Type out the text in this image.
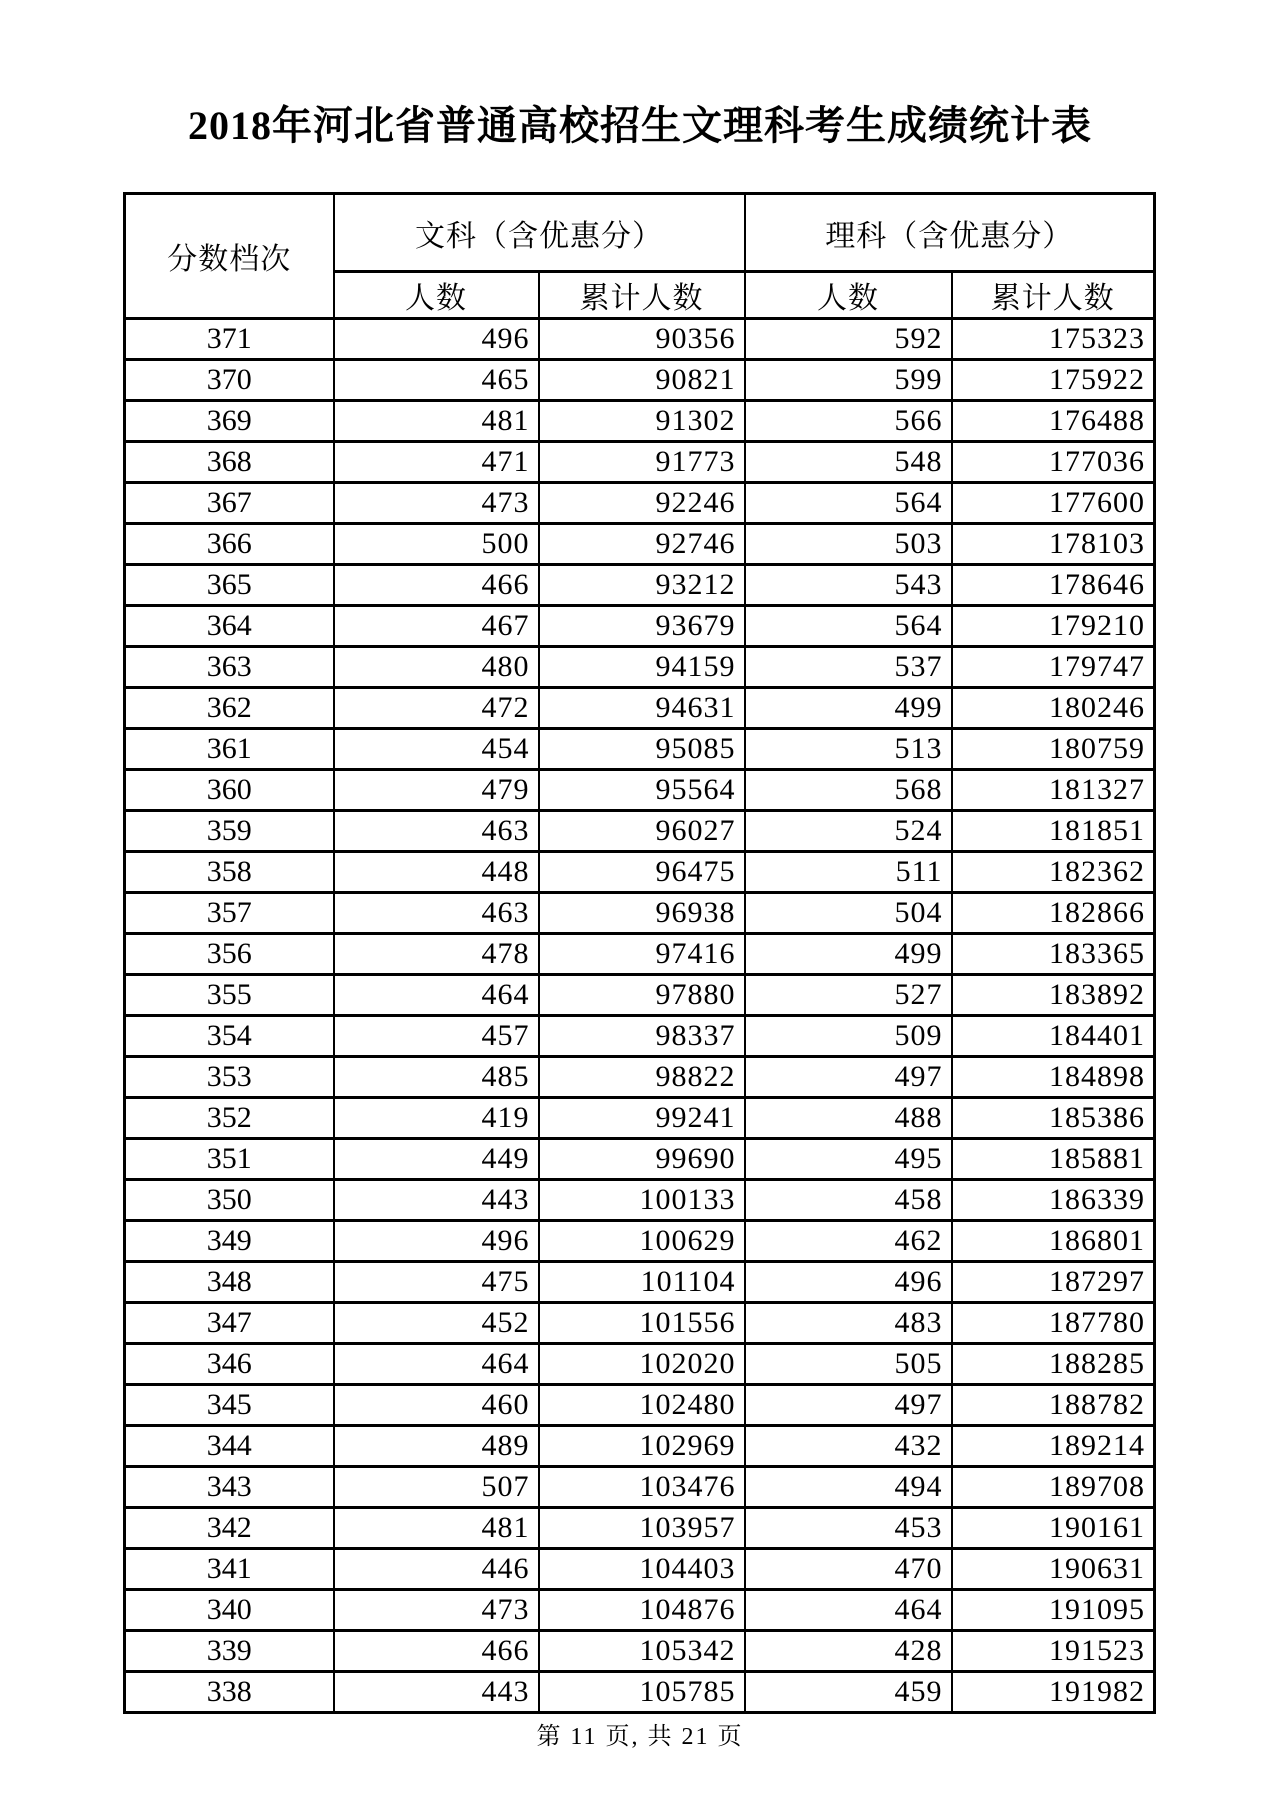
2018年河北省普通高校招生文理科考生成绩统计表
分数档次	文科（含优惠分）		理科（含优惠分）	
	人数	累计人数	人数	累计人数
371	496	90356	592	175323
370	465	90821	599	175922
369	481	91302	566	176488
368	471	91773	548	177036
367	473	92246	564	177600
366	500	92746	503	178103
365	466	93212	543	178646
364	467	93679	564	179210
363	480	94159	537	179747
362	472	94631	499	180246
361	454	95085	513	180759
360	479	95564	568	181327
359	463	96027	524	181851
358	448	96475	511	182362
357	463	96938	504	182866
356	478	97416	499	183365
355	464	97880	527	183892
354	457	98337	509	184401
353	485	98822	497	184898
352	419	99241	488	185386
351	449	99690	495	185881
350	443	100133	458	186339
349	496	100629	462	186801
348	475	101104	496	187297
347	452	101556	483	187780
346	464	102020	505	188285
345	460	102480	497	188782
344	489	102969	432	189214
343	507	103476	494	189708
342	481	103957	453	190161
341	446	104403	470	190631
340	473	104876	464	191095
339	466	105342	428	191523
338	443	105785	459	191982
第 11 页, 共 21 页
